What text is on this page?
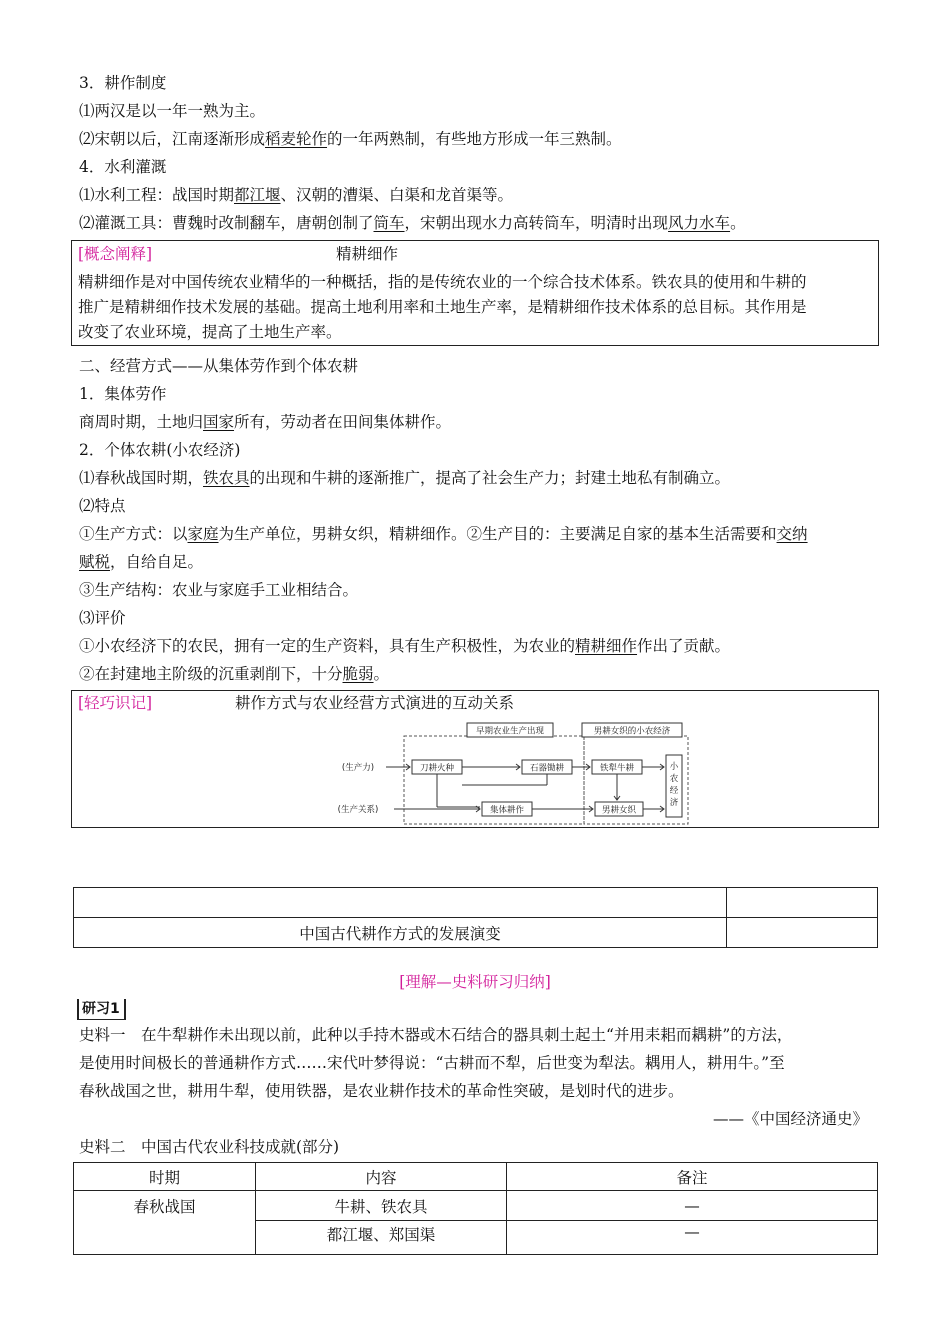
3．耕作制度
⑴两汉是以一年一熟为主。
⑵宋朝以后，江南逐渐形成稻麦轮作的一年两熟制，有些地方形成一年三熟制。
4．水利灌溉
⑴水利工程：战国时期都江堰、汉朝的漕渠、白渠和龙首渠等。
⑵灌溉工具：曹魏时改制翻车，唐朝创制了筒车，宋朝出现水力高转筒车，明清时出现风力水车。
[概念阐释]	精耕细作
精耕细作是对中国传统农业精华的一种概括，指的是传统农业的一个综合技术体系。铁农具的使用和牛耕的
推广是精耕细作技术发展的基础。提高土地利用率和土地生产率，是精耕细作技术体系的总目标。其作用是
改变了农业环境，提高了土地生产率。
二、经营方式——从集体劳作到个体农耕
1．集体劳作
商周时期，土地归国家所有，劳动者在田间集体耕作。
2．个体农耕(小农经济)
⑴春秋战国时期，铁农具的出现和牛耕的逐渐推广，提高了社会生产力；封建土地私有制确立。
⑵特点
①生产方式：以家庭为生产单位，男耕女织，精耕细作。②生产目的：主要满足自家的基本生活需要和交纳
赋税，自给自足。
③生产结构：农业与家庭手工业相结合。
⑶评价
①小农经济下的农民，拥有一定的生产资料，具有生产积极性，为农业的精耕细作作出了贡献。
②在封建地主阶级的沉重剥削下，十分脆弱。
[轻巧识记]	耕作方式与农业经营方式演进的互动关系
早期农业生产出现	男耕女织的小农经济
(生产力)
(生产关系)
刀耕火种	石器锄耕	铁犁牛耕
集体耕作	男耕女织
小
农
经
济

中国古代耕作方式的发展演变	
[理解—史料研习归纳]
研习1
史料一　在牛犁耕作未出现以前，此种以手持木器或木石结合的器具刺土起土“并用耒耜而耦耕”的方法，
是使用时间极长的普通耕作方式……宋代叶梦得说：“古耕而不犁，后世变为犁法。耦用人，耕用牛。”至
春秋战国之世，耕用牛犁，使用铁器，是农业耕作技术的革命性突破，是划时代的进步。
——《中国经济通史》
史料二　中国古代农业科技成就(部分)
时期	内容	备注
春秋战国	牛耕、铁农具	—
	都江堰、郑国渠	—
